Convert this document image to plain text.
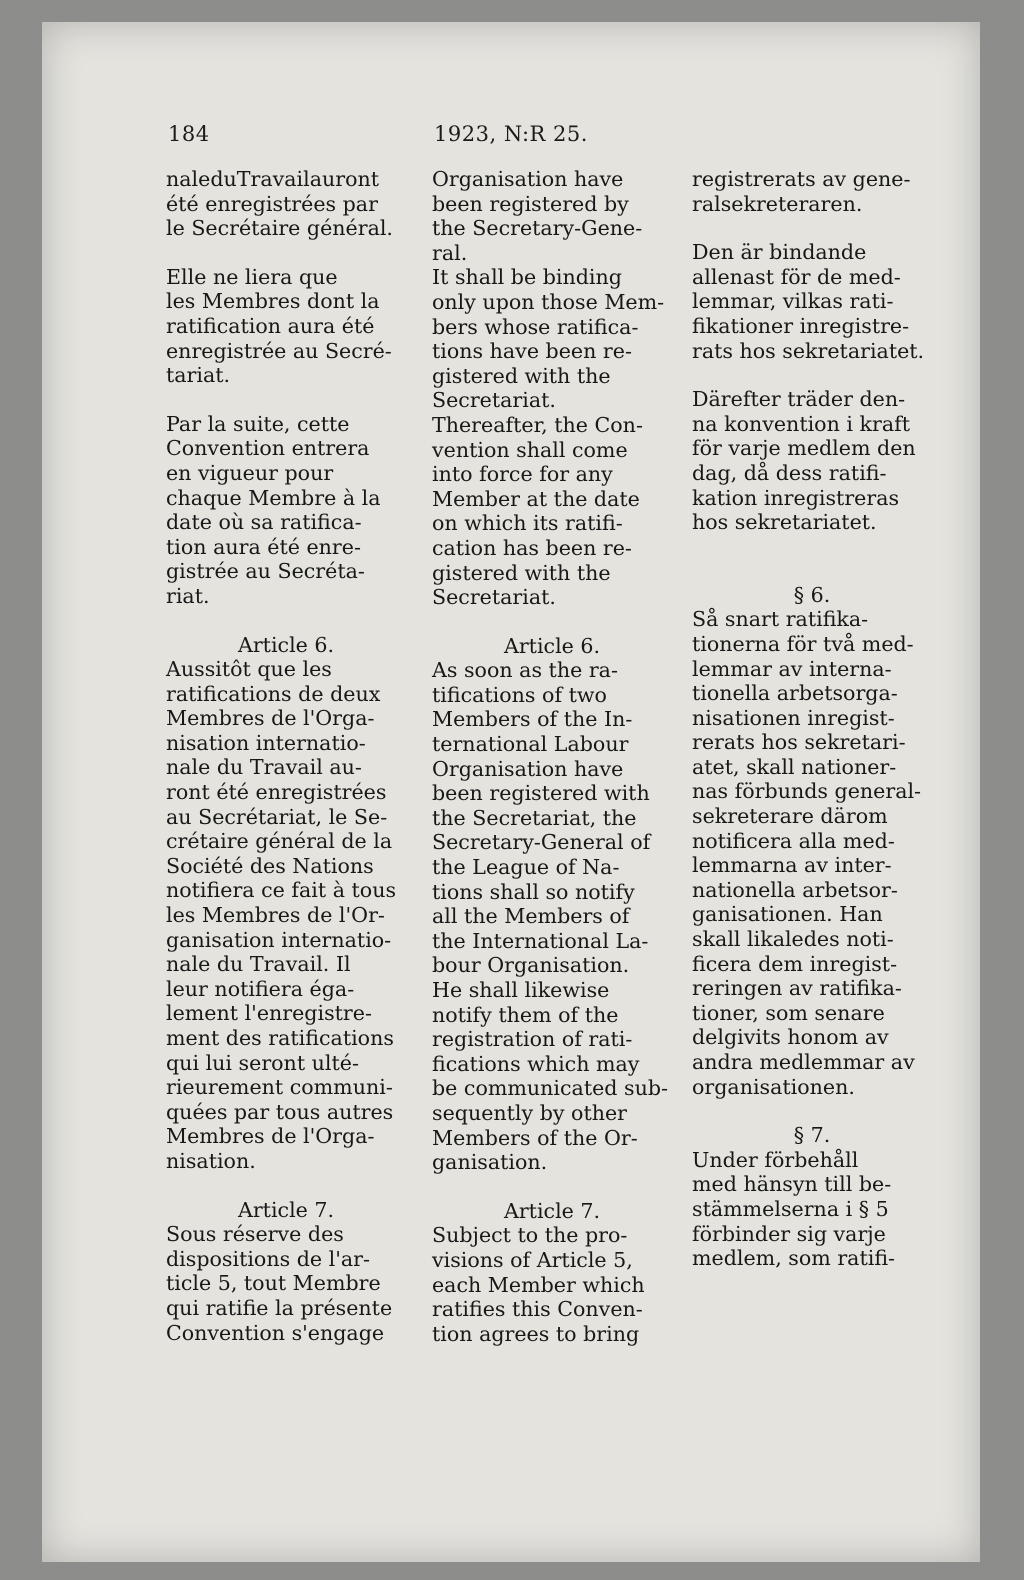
1923, N:R 25.
184
naleduTravailauront
été enregistrées par
le Secrétaire général.
Elle ne liera que
les Membres dont la
ratification aura été
enregistrée au Secré-
tariat.
Par la suite, cette
Convention entrera
en vigueur pour
chaque Membre à la
date où sa ratifica-
tion aura été enre-
gistrée au Secréta-
riat.
Article 6.
Aussitôt que les
ratifications de deux
Membres de l'Orga-
nisation internatio-
nale du Travail au-
ront été enregistrées
au Secrétariat, le Se-
crétaire général de la
Société des Nations
notifiera ce fait à tous
les Membres de l'Or-
ganisation internatio-
nale du Travail. Il
leur notifiera éga-
lement l'enregistre-
ment des ratifications
qui lui seront ulté-
rieurement communi-
quées par tous autres
Membres de l'Orga-
nisation.
Article 7.
Sous réserve des
dispositions de l'ar-
ticle 5, tout Membre
qui ratifie la présente
Convention s'engage
Organisation have
been registered by
the Secretary-Gene-
ral.
It shall be binding
only upon those Mem-
bers whose ratifica-
tions have been re-
gistered with the
Secretariat.
Thereafter, the Con-
vention shall come
into force for any
Member at the date
on which its ratifi-
cation has been re-
gistered with the
Secretariat.
Article 6.
As soon as the ra-
tifications of two
Members of the In-
ternational Labour
Organisation have
been registered with
the Secretariat, the
Secretary-General of
the League of Na-
tions shall so notify
all the Members of
the International La-
bour Organisation.
He shall likewise
notify them of the
registration of rati-
fications which may
be communicated sub-
sequently by other
Members of the Or-
ganisation.
Article 7.
Subject to the pro-
visions of Article 5,
each Member which
ratifies this Conven-
tion agrees to bring
registrerats av gene-
ralsekreteraren.
Den är bindande
allenast för de med-
lemmar, vilkas rati-
fikationer inregistre-
rats hos sekretariatet.
Därefter träder den-
na konvention i kraft
för varje medlem den
dag, då dess ratifi-
kation inregistreras
hos sekretariatet.
§ 6.
Så snart ratifika-
tionerna för två med-
lemmar av interna-
tionella arbetsorga-
nisationen inregist-
rerats hos sekretari-
atet, skall nationer-
nas förbunds general-
sekreterare därom
notificera alla med-
lemmarna av inter-
nationella arbetsor-
ganisationen. Han
skall likaledes noti-
ficera dem inregist-
reringen av ratifika-
tioner, som senare
delgivits honom av
andra medlemmar av
organisationen.
§ 7.
Under förbehåll
med hänsyn till be-
stämmelserna i § 5
förbinder sig varje
medlem, som ratifi-
